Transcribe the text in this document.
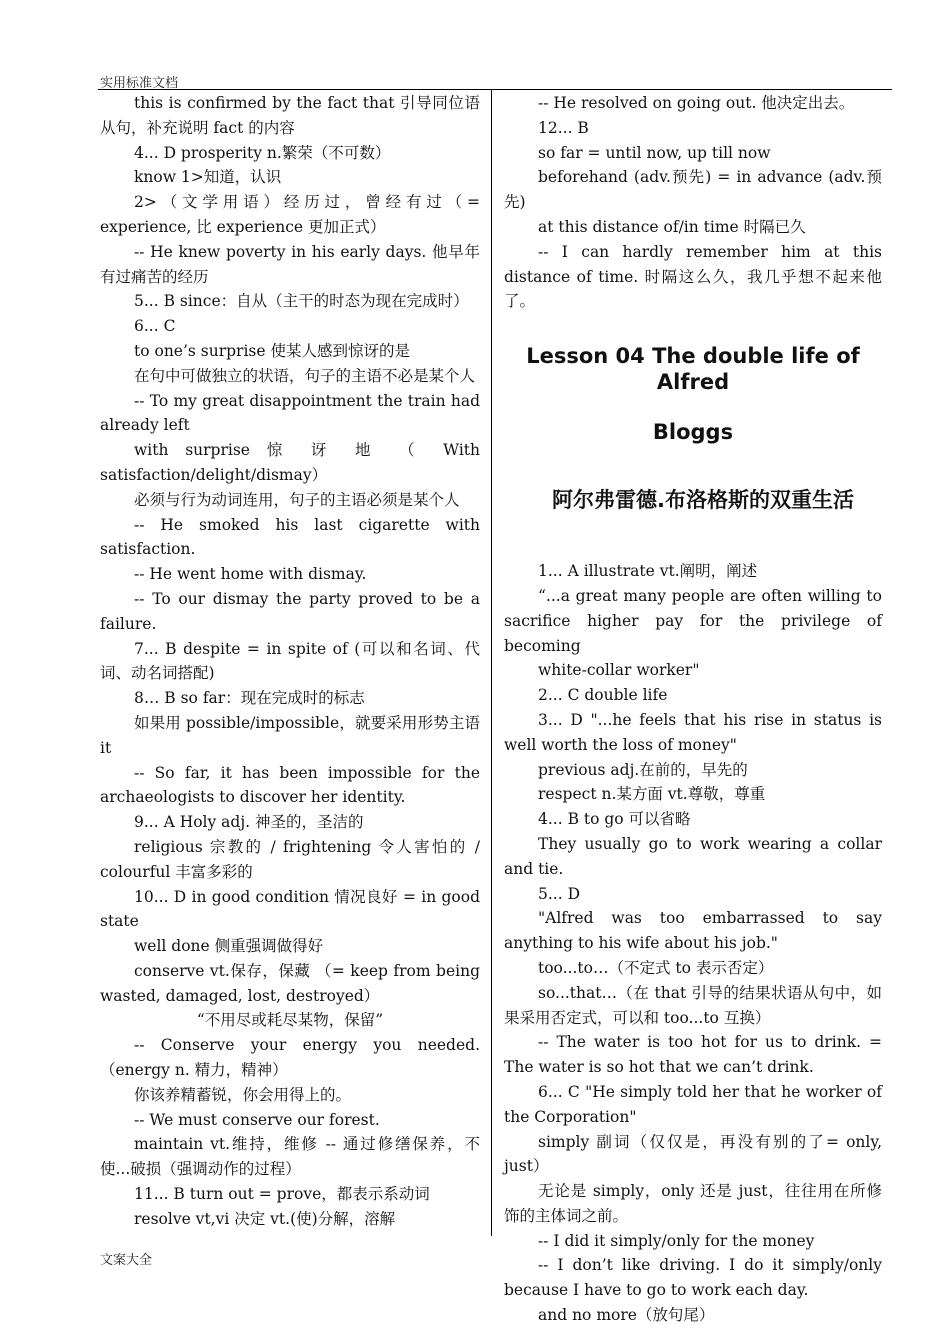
实用标准文档

this is confirmed by the fact that 引导同位语从句，补充说明 fact 的内容

4... D prosperity n.繁荣（不可数）

know 1>知道，认识

2>（文学用语）经历过，曾经有过（= experience, 比 experience 更加正式）

-- He knew poverty in his early days. 他早年有过痛苦的经历

5... B since：自从（主干的时态为现在完成时）

6... C

to one’s surprise 使某人感到惊讶的是

在句中可做独立的状语，句子的主语不必是某个人

-- To my great disappointment the train had already left

with surprise 惊 讶 地 （ With satisfaction/delight/dismay）

必须与行为动词连用，句子的主语必须是某个人

-- He smoked his last cigarette with satisfaction.

-- He went home with dismay.

-- To our dismay the party proved to be a failure.

7... B despite = in spite of (可以和名词、代词、动名词搭配)

8… B so far：现在完成时的标志

如果用 possible/impossible，就要采用形势主语 it

-- So far, it has been impossible for the archaeologists to discover her identity.

9... A Holy adj. 神圣的，圣洁的

religious 宗教的 / frightening 令人害怕的 / colourful 丰富多彩的

10... D in good condition 情况良好 = in good state

well done 侧重强调做得好

conserve vt.保存，保藏 （= keep from being wasted, damaged, lost, destroyed）

“不用尽或耗尽某物，保留”

-- Conserve your energy you needed.（energy n. 精力，精神）

你该养精蓄锐，你会用得上的。

-- We must conserve our forest.

maintain vt.维持，维修 -- 通过修缮保养，不使...破损（强调动作的过程）

11... B turn out = prove，都表示系动词

resolve vt,vi 决定 vt.(使)分解，溶解

-- He resolved on going out. 他决定出去。

12... B

so far = until now, up till now

beforehand (adv.预先) = in advance (adv.预先)

at this distance of/in time 时隔已久

-- I can hardly remember him at this distance of time. 时隔这么久，我几乎想不起来他了。

Lesson 04 The double life of Alfred
Bloggs
阿尔弗雷德.布洛格斯的双重生活

1... A illustrate vt.阐明，阐述

“...a great many people are often willing to sacrifice higher pay for the privilege of becoming

white-collar worker"

2... C double life

3... D "...he feels that his rise in status is well worth the loss of money"

previous adj.在前的，早先的

respect n.某方面 vt.尊敬，尊重

4... B to go 可以省略

They usually go to work wearing a collar and tie.

5... D

"Alfred was too embarrassed to say anything to his wife about his job."

too...to…（不定式 to 表示否定）

so...that…（在 that 引导的结果状语从句中，如果采用否定式，可以和 too...to 互换）

-- The water is too hot for us to drink. = The water is so hot that we can’t drink.

6... C "He simply told her that he worker of the Corporation"

simply 副词（仅仅是，再没有别的了= only, just）

无论是 simply，only 还是 just，往往用在所修饰的主体词之前。

-- I did it simply/only for the money

-- I don’t like driving. I do it simply/only because I have to go to work each day.

and no more（放句尾）

文案大全
